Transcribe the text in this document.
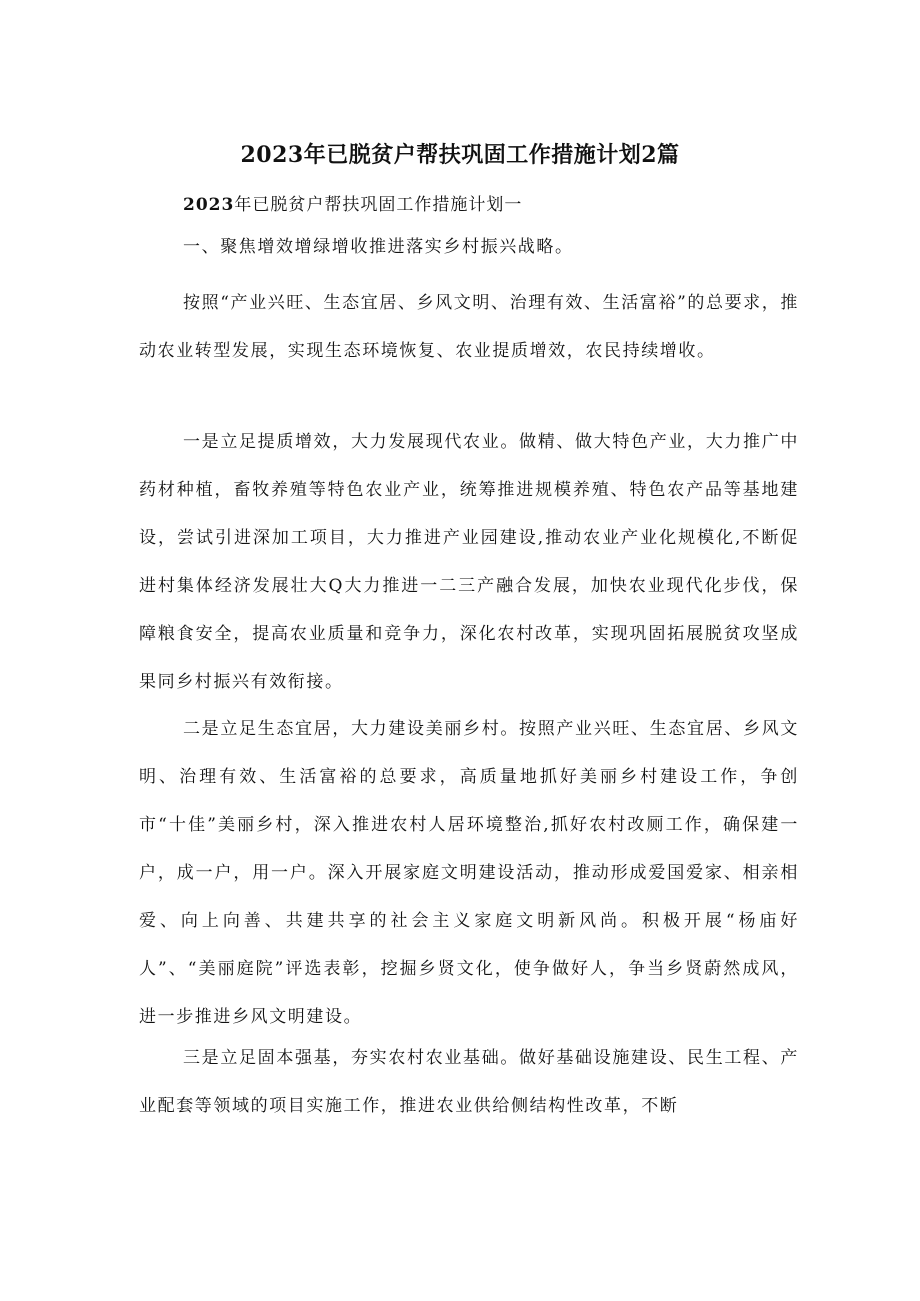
2023年已脱贫户帮扶巩固工作措施计划2篇
2023年已脱贫户帮扶巩固工作措施计划一

一、聚焦增效增绿增收推进落实乡村振兴战略。

按照“产业兴旺、生态宜居、乡风文明、治理有效、生活富裕”的总要求，推动农业转型发展，实现生态环境恢复、农业提质增效，农民持续增收。

一是立足提质增效，大力发展现代农业。做精、做大特色产业，大力推广中药材种植，畜牧养殖等特色农业产业，统筹推进规模养殖、特色农产品等基地建设，尝试引进深加工项目，大力推进产业园建设,推动农业产业化规模化,不断促进村集体经济发展壮大Q大力推进一二三产融合发展，加快农业现代化步伐，保障粮食安全，提高农业质量和竞争力，深化农村改革，实现巩固拓展脱贫攻坚成果同乡村振兴有效衔接。

二是立足生态宜居，大力建设美丽乡村。按照产业兴旺、生态宜居、乡风文明、治理有效、生活富裕的总要求，高质量地抓好美丽乡村建设工作，争创市“十佳”美丽乡村，深入推进农村人居环境整治,抓好农村改厕工作，确保建一户，成一户，用一户。深入开展家庭文明建设活动，推动形成爱国爱家、相亲相爱、向上向善、共建共享的社会主义家庭文明新风尚。积极开展“杨庙好人”、“美丽庭院”评选表彰，挖掘乡贤文化，使争做好人，争当乡贤蔚然成风，进一步推进乡风文明建设。

三是立足固本强基，夯实农村农业基础。做好基础设施建设、民生工程、产业配套等领域的项目实施工作，推进农业供给侧结构性改革，不断
